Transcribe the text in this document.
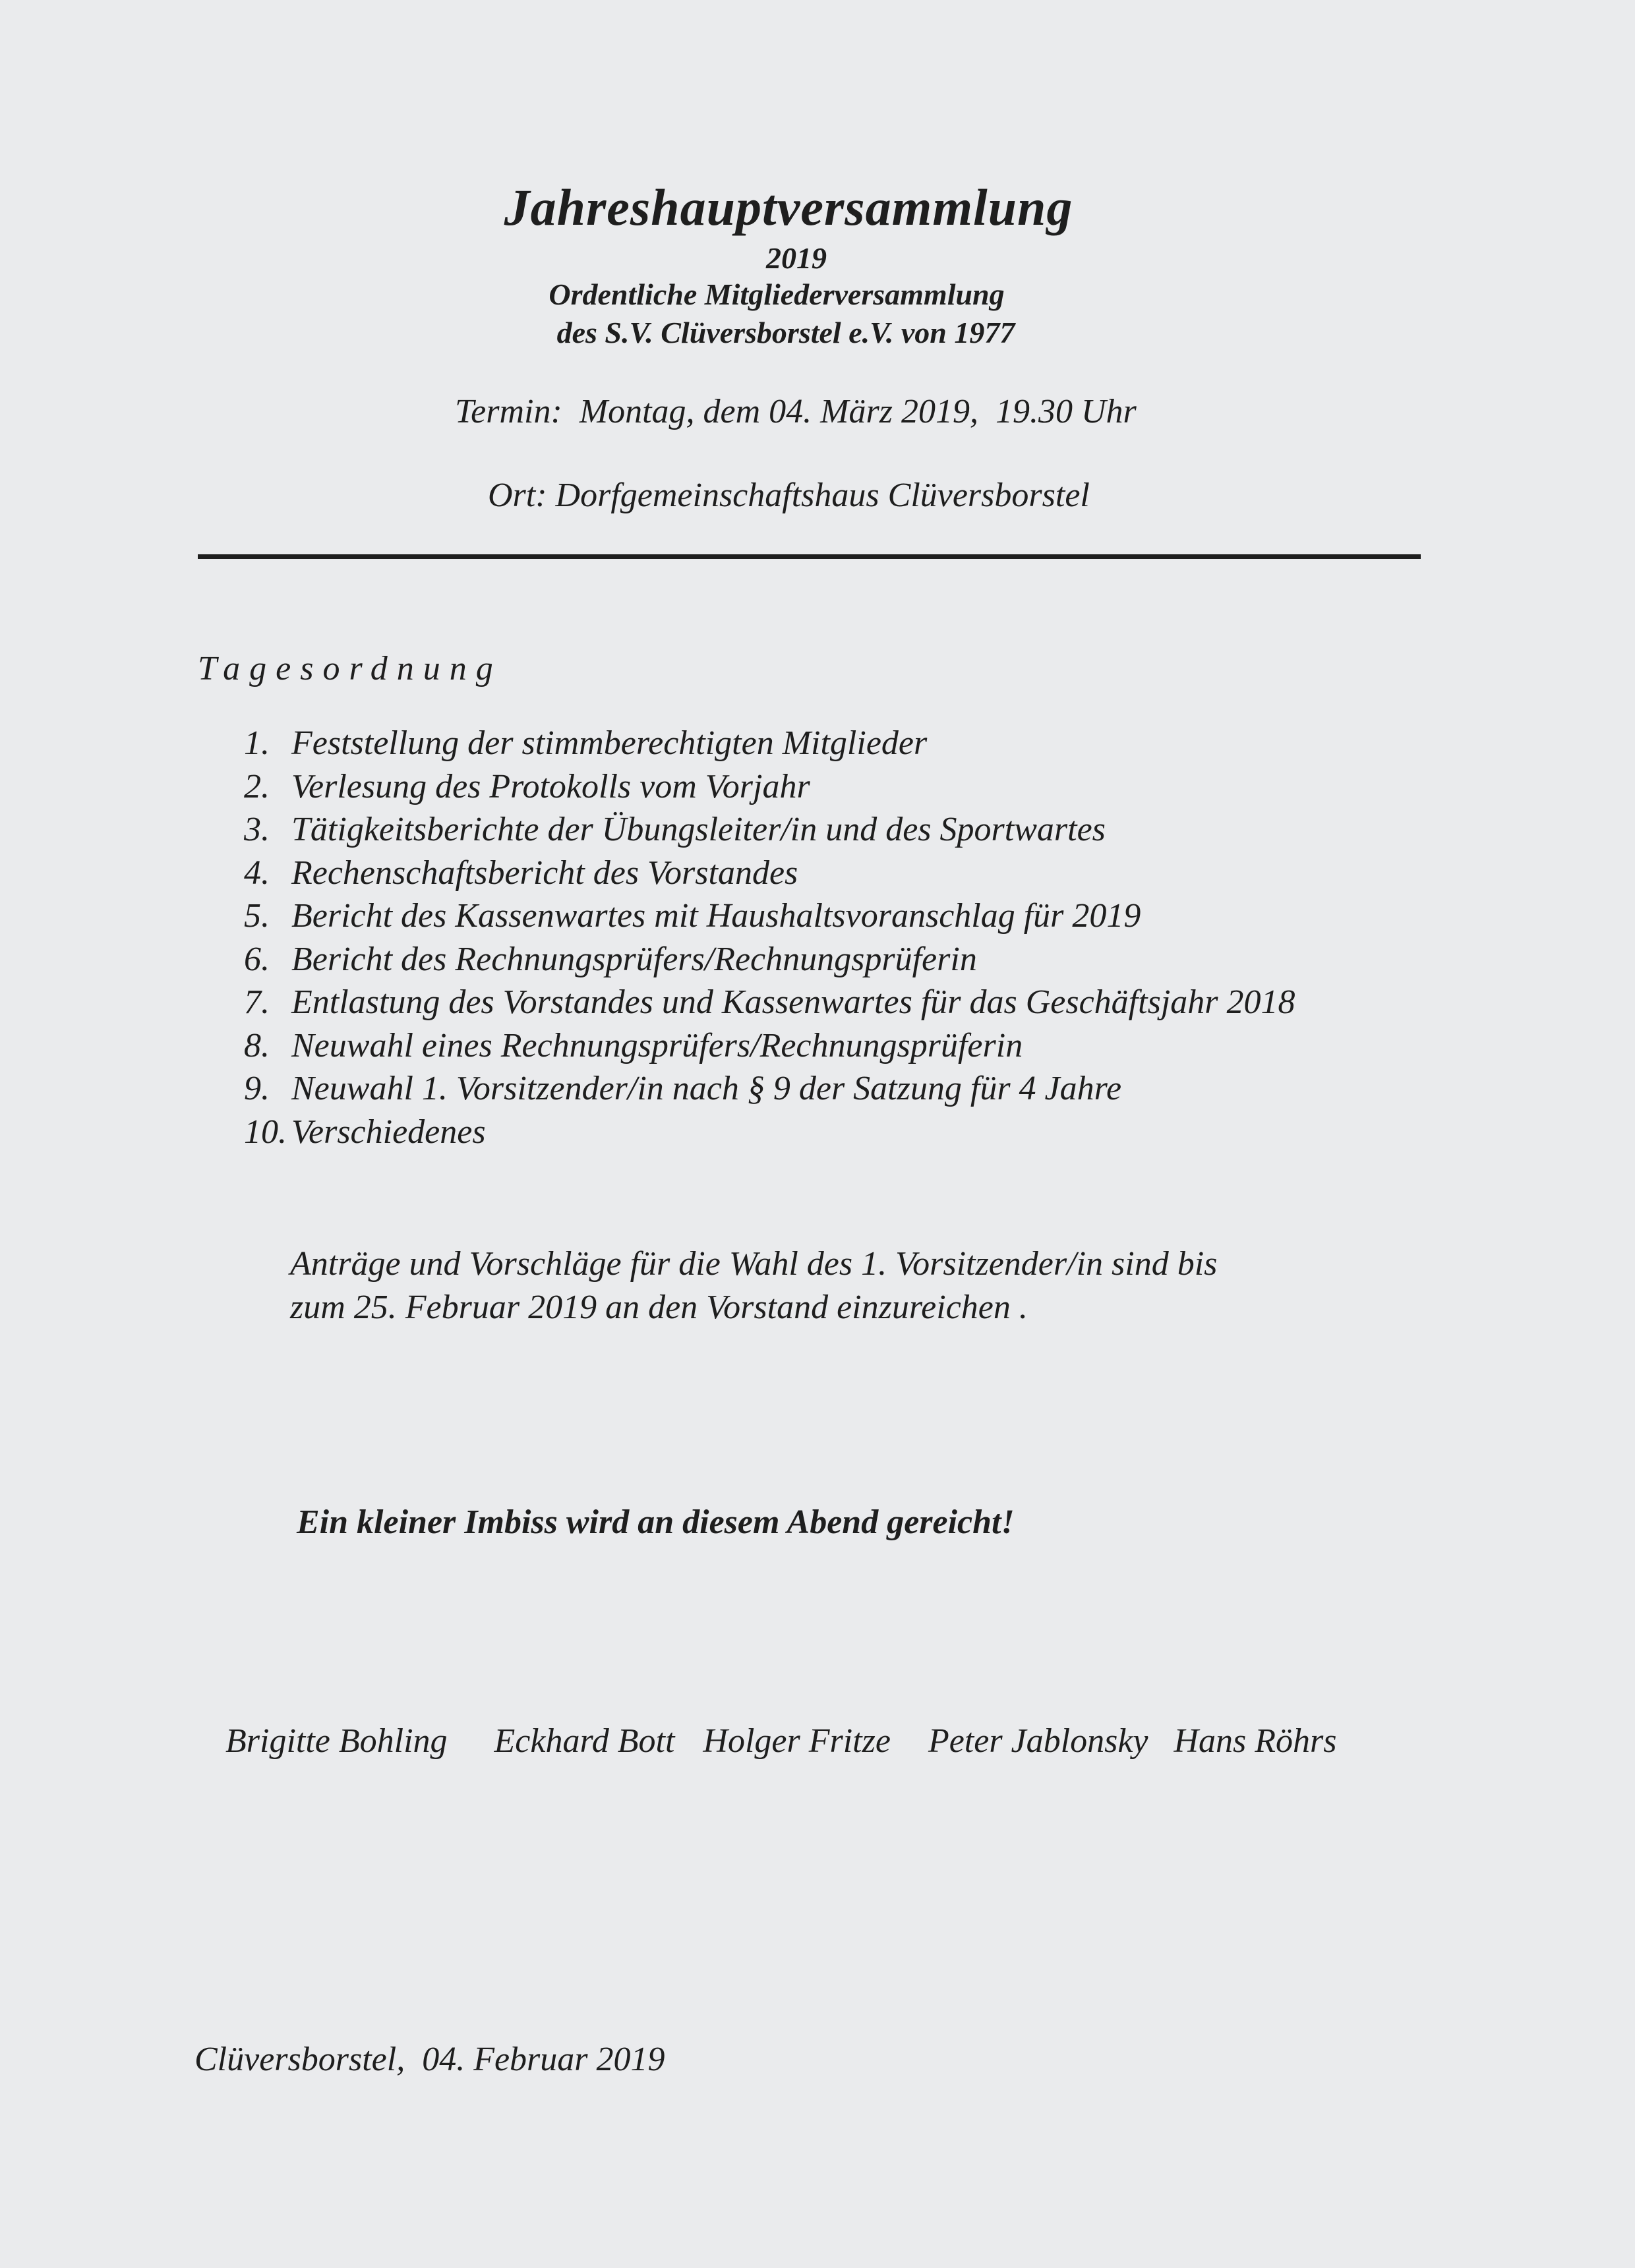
Jahreshauptversammlung
2019
Ordentliche Mitgliederversammlung
des S.V. Clüversborstel e.V. von 1977
Termin:  Montag, dem 04. März 2019,  19.30 Uhr
Ort: Dorfgemeinschaftshaus Clüversborstel
Tagesordnung
1. Feststellung der stimmberechtigten Mitglieder
2. Verlesung des Protokolls vom Vorjahr
3. Tätigkeitsberichte der Übungsleiter/in und des Sportwartes
4. Rechenschaftsbericht des Vorstandes
5. Bericht des Kassenwartes mit Haushaltsvoranschlag für 2019
6. Bericht des Rechnungsprüfers/Rechnungsprüferin
7. Entlastung des Vorstandes und Kassenwartes für das Geschäftsjahr 2018
8. Neuwahl eines Rechnungsprüfers/Rechnungsprüferin
9. Neuwahl 1. Vorsitzender/in nach § 9 der Satzung für 4 Jahre
10. Verschiedenes
Anträge und Vorschläge für die Wahl des 1. Vorsitzender/in sind bis
zum 25. Februar 2019 an den Vorstand einzureichen .
Ein kleiner Imbiss wird an diesem Abend gereicht!
Brigitte Bohling Eckhard Bott Holger Fritze Peter Jablonsky Hans Röhrs
Clüversborstel,  04. Februar 2019
